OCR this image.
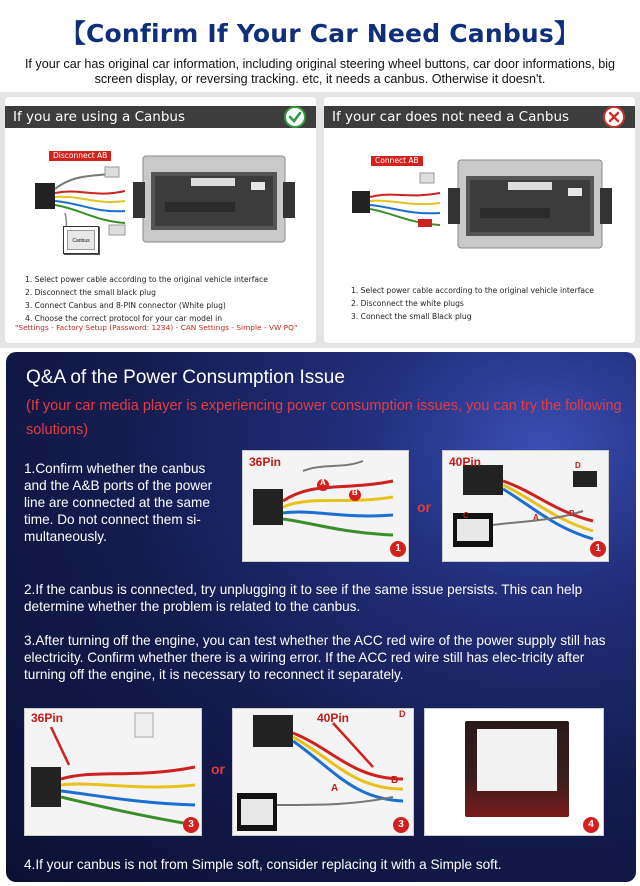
【Confirm If Your Car Need Canbus】
If your car has original car information, including original steering wheel buttons, car door informations, big screen display, or reversing tracking. etc, it needs a canbus. Otherwise it doesn't.
If you are using a Canbus
Disconnect AB
Canbus
1. Select power cable according to the original vehicle interface
2. Disconnect the small black plug
3. Connect Canbus and 8-PIN connector (White plug)
4. Choose the correct protocol for your car model in
"Settings - Factory Setup (Password: 1234) - CAN Settings - Simple - VW PQ"
If your car does not need a Canbus
Connect AB
1. Select power cable according to the original vehicle interface
2. Disconnect the white plugs
3. Connect the small Black plug
Q&A of the Power Consumption Issue
(If your car media player is experiencing power consumption issues, you can try the following solutions)
1.Confirm whether the canbus and the A&B ports of the power line are connected at the same time. Do not connect them si-multaneously.
36Pin
A
B
1
or
40Pin
C
D
A	B
1
2.If the canbus is connected, try unplugging it to see if the same issue persists. This can help determine whether the problem is related to the canbus.
3.After turning off the engine, you can test whether the ACC red wire of the power supply still has electricity. Confirm whether there is a wiring error. If the ACC red wire still has elec-tricity after turning off the engine, it is necessary to reconnect it separately.
36Pin
3
or
40Pin
A
B
D
3	4
4.If your canbus is not from Simple soft, consider replacing it with a Simple soft.
